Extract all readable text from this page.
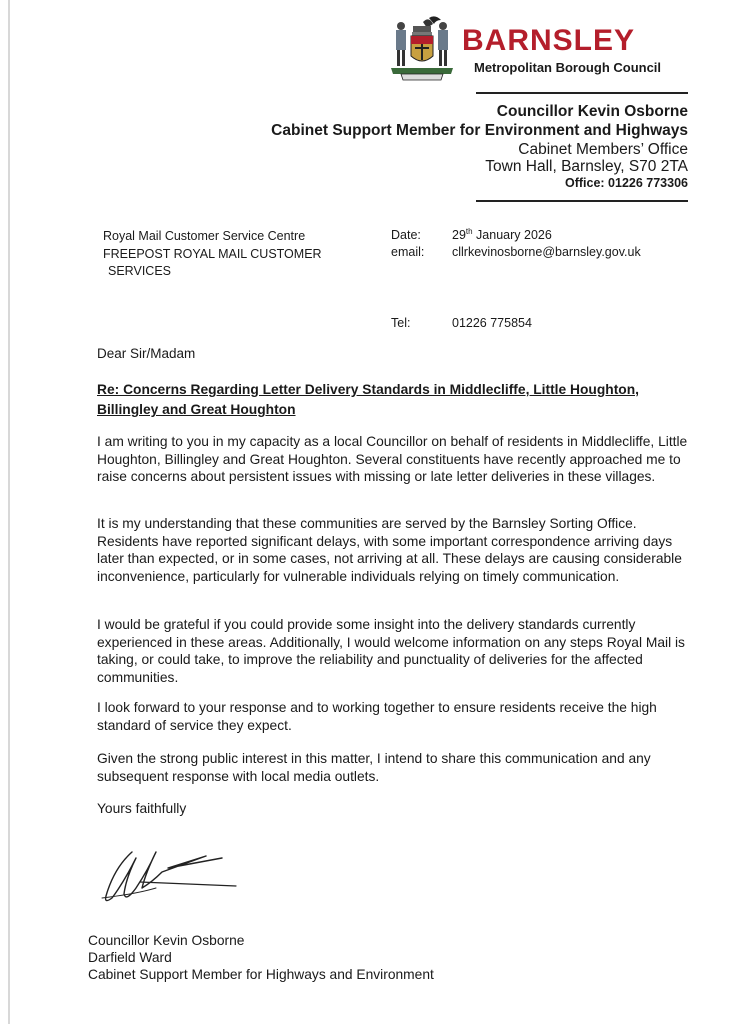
BARNSLEY
Metropolitan Borough Council
Councillor Kevin Osborne
Cabinet Support Member for Environment and Highways
Cabinet Members’ Office
Town Hall, Barnsley, S70 2TA
Office: 01226 773306
Royal Mail Customer Service Centre
FREEPOST ROYAL MAIL CUSTOMER
SERVICES
Date: 29th January 2026
email: cllrkevinosborne@barnsley.gov.uk
Tel:	01226 775854
Dear Sir/Madam
Re: Concerns Regarding Letter Delivery Standards in Middlecliffe, Little Houghton, Billingley and Great Houghton
I am writing to you in my capacity as a local Councillor on behalf of residents in Middlecliffe, Little Houghton, Billingley and Great Houghton. Several constituents have recently approached me to raise concerns about persistent issues with missing or late letter deliveries in these villages.
It is my understanding that these communities are served by the Barnsley Sorting Office. Residents have reported significant delays, with some important correspondence arriving days later than expected, or in some cases, not arriving at all. These delays are causing considerable inconvenience, particularly for vulnerable individuals relying on timely communication.
I would be grateful if you could provide some insight into the delivery standards currently experienced in these areas. Additionally, I would welcome information on any steps Royal Mail is taking, or could take, to improve the reliability and punctuality of deliveries for the affected communities.
I look forward to your response and to working together to ensure residents receive the high standard of service they expect.
Given the strong public interest in this matter, I intend to share this communication and any subsequent response with local media outlets.
Yours faithfully
Councillor Kevin Osborne
Darfield Ward
Cabinet Support Member for Highways and Environment
